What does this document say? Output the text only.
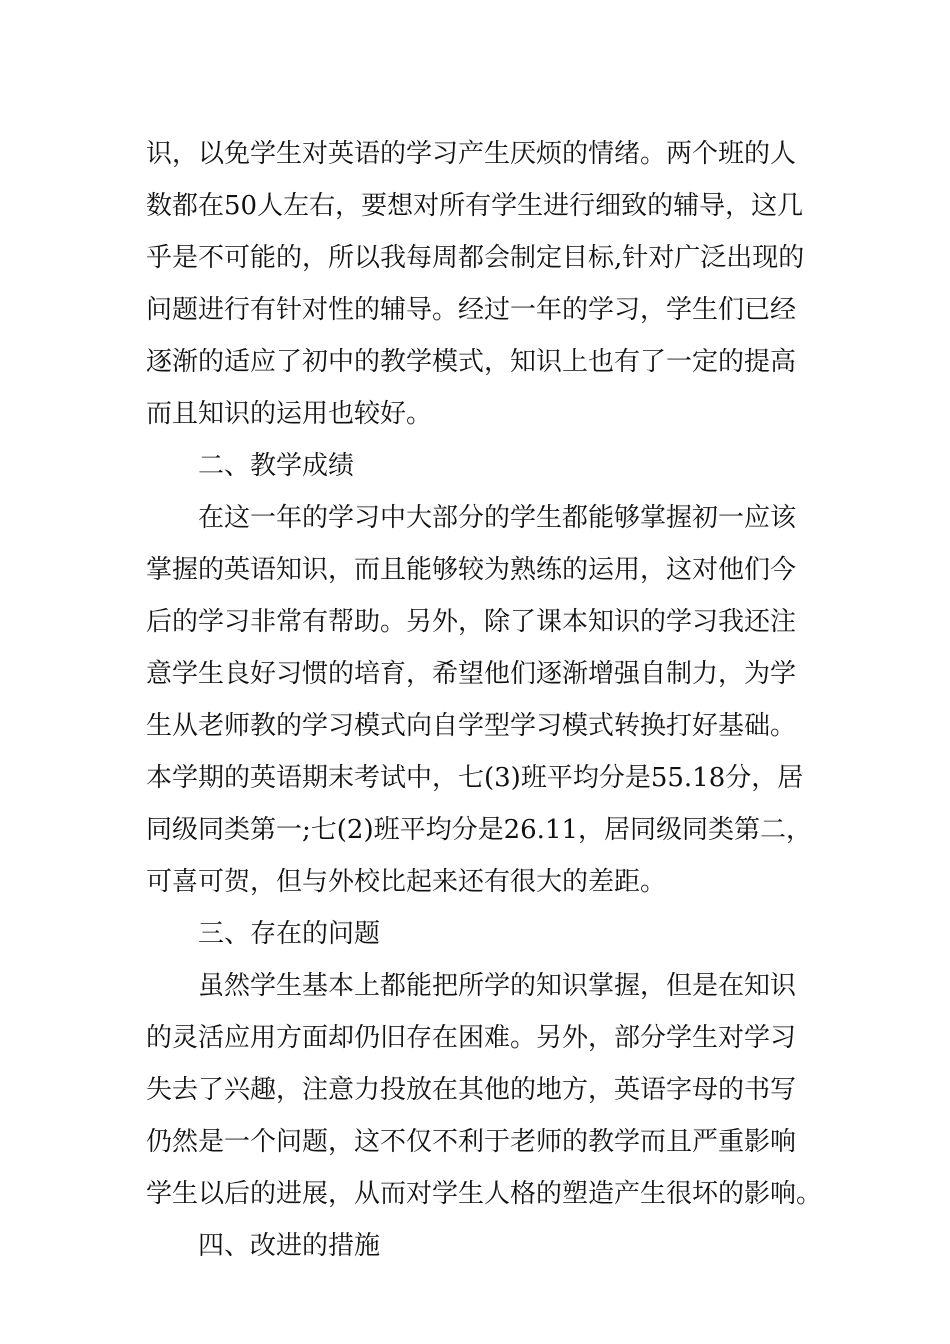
识，以免学生对英语的学习产生厌烦的情绪。两个班的人
数都在50人左右，要想对所有学生进行细致的辅导，这几
乎是不可能的，所以我每周都会制定目标,针对广泛出现的
问题进行有针对性的辅导。经过一年的学习，学生们已经
逐渐的适应了初中的教学模式，知识上也有了一定的提高
而且知识的运用也较好。
二、教学成绩
在这一年的学习中大部分的学生都能够掌握初一应该
掌握的英语知识，而且能够较为熟练的运用，这对他们今
后的学习非常有帮助。另外，除了课本知识的学习我还注
意学生良好习惯的培育，希望他们逐渐增强自制力，为学
生从老师教的学习模式向自学型学习模式转换打好基础。
本学期的英语期末考试中，七(3)班平均分是55.18分，居
同级同类第一;七(2)班平均分是26.11，居同级同类第二，
可喜可贺，但与外校比起来还有很大的差距。
三、存在的问题
虽然学生基本上都能把所学的知识掌握，但是在知识
的灵活应用方面却仍旧存在困难。另外，部分学生对学习
失去了兴趣，注意力投放在其他的地方，英语字母的书写
仍然是一个问题，这不仅不利于老师的教学而且严重影响
学生以后的进展，从而对学生人格的塑造产生很坏的影响。
四、改进的措施
